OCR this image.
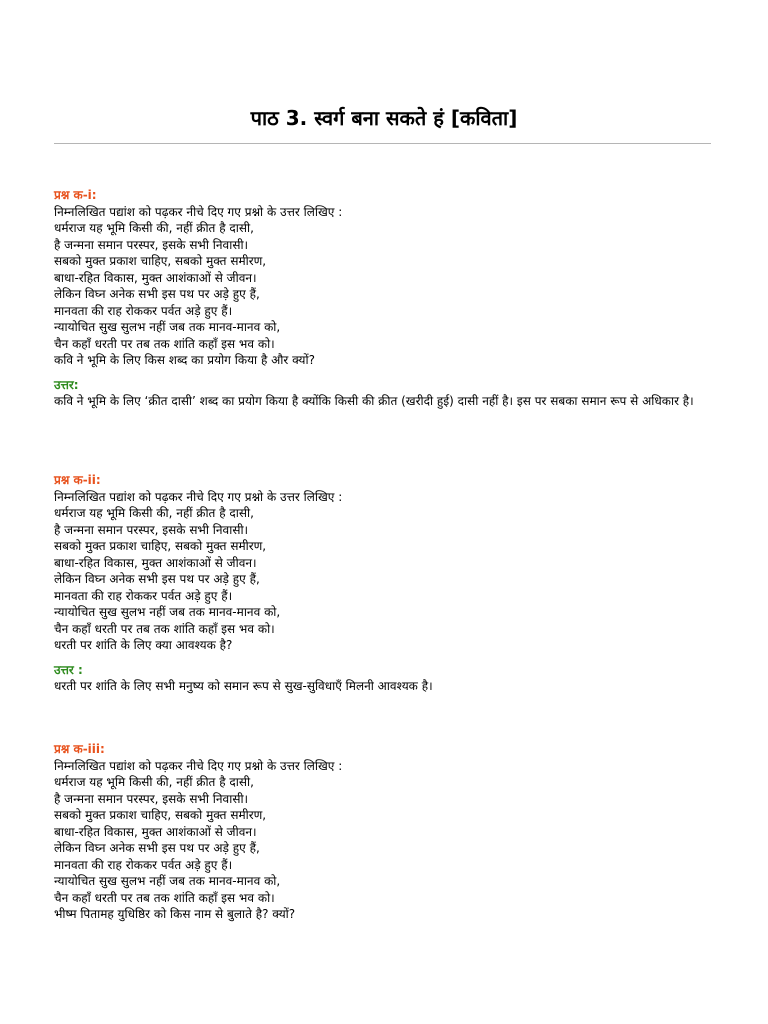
पाठ 3. स्वर्ग बना सकते हं [कविता]
प्रश्न क-i:
निम्नलिखित पद्यांश को पढ़कर नीचे दिए गए प्रश्नो के उत्तर लिखिए :
धर्मराज यह भूमि किसी की, नहीं क्रीत है दासी,
है जन्मना समान परस्पर, इसके सभी निवासी।
सबको मुक्त प्रकाश चाहिए, सबको मुक्त समीरण,
बाधा-रहित विकास, मुक्त आशंकाओं से जीवन।
लेकिन विघ्न अनेक सभी इस पथ पर अड़े हुए हैं,
मानवता की राह रोककर पर्वत अड़े हुए हैं।
न्यायोचित सुख सुलभ नहीं जब तक मानव-मानव को,
चैन कहाँ धरती पर तब तक शांति कहाँ इस भव को।
कवि ने भूमि के लिए किस शब्द का प्रयोग किया है और क्यों?
उत्तर:
कवि ने भूमि के लिए ‘क्रीत दासी’ शब्द का प्रयोग किया है क्योंकि किसी की क्रीत (खरीदी हुई) दासी नहीं है। इस पर सबका समान रूप से अधिकार है।
प्रश्न क-ii:
निम्नलिखित पद्यांश को पढ़कर नीचे दिए गए प्रश्नो के उत्तर लिखिए :
धर्मराज यह भूमि किसी की, नहीं क्रीत है दासी,
है जन्मना समान परस्पर, इसके सभी निवासी।
सबको मुक्त प्रकाश चाहिए, सबको मुक्त समीरण,
बाधा-रहित विकास, मुक्त आशंकाओं से जीवन।
लेकिन विघ्न अनेक सभी इस पथ पर अड़े हुए हैं,
मानवता की राह रोककर पर्वत अड़े हुए हैं।
न्यायोचित सुख सुलभ नहीं जब तक मानव-मानव को,
चैन कहाँ धरती पर तब तक शांति कहाँ इस भव को।
धरती पर शांति के लिए क्या आवश्यक है?
उत्तर :
धरती पर शांति के लिए सभी मनुष्य को समान रूप से सुख-सुविधाएँ मिलनी आवश्यक है।
प्रश्न क-iii:
निम्नलिखित पद्यांश को पढ़कर नीचे दिए गए प्रश्नो के उत्तर लिखिए :
धर्मराज यह भूमि किसी की, नहीं क्रीत है दासी,
है जन्मना समान परस्पर, इसके सभी निवासी।
सबको मुक्त प्रकाश चाहिए, सबको मुक्त समीरण,
बाधा-रहित विकास, मुक्त आशंकाओं से जीवन।
लेकिन विघ्न अनेक सभी इस पथ पर अड़े हुए हैं,
मानवता की राह रोककर पर्वत अड़े हुए हैं।
न्यायोचित सुख सुलभ नहीं जब तक मानव-मानव को,
चैन कहाँ धरती पर तब तक शांति कहाँ इस भव को।
भीष्म पितामह युधिष्ठिर को किस नाम से बुलाते है? क्यों?
